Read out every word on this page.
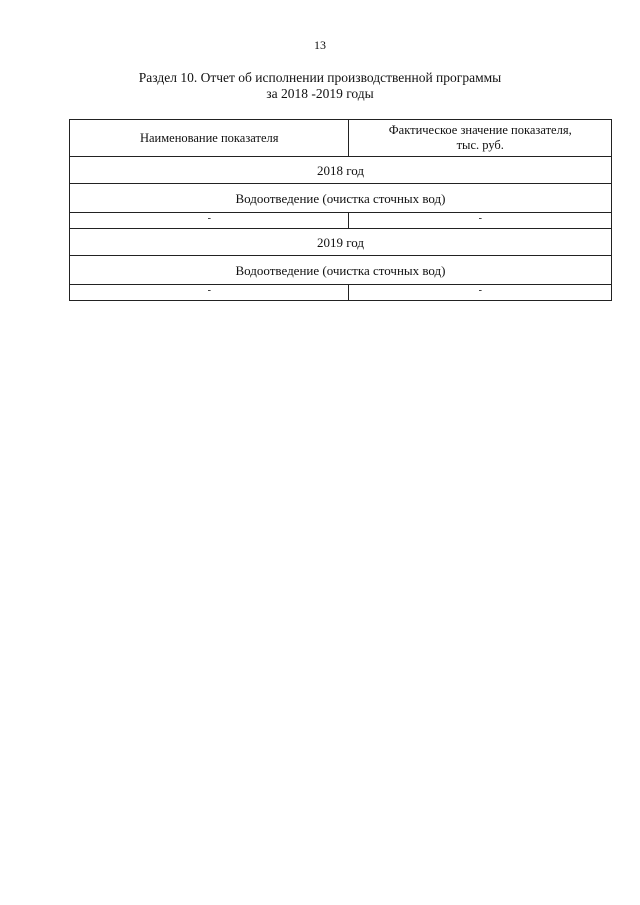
13
Раздел 10. Отчет об исполнении производственной программы
за 2018 -2019 годы
Наименование показателя	Фактическое значение показателя,
тыс. руб.

2018 год	
Водоотведение (очистка сточных вод)	
-	-
2019 год	
Водоотведение (очистка сточных вод)	
-	-
